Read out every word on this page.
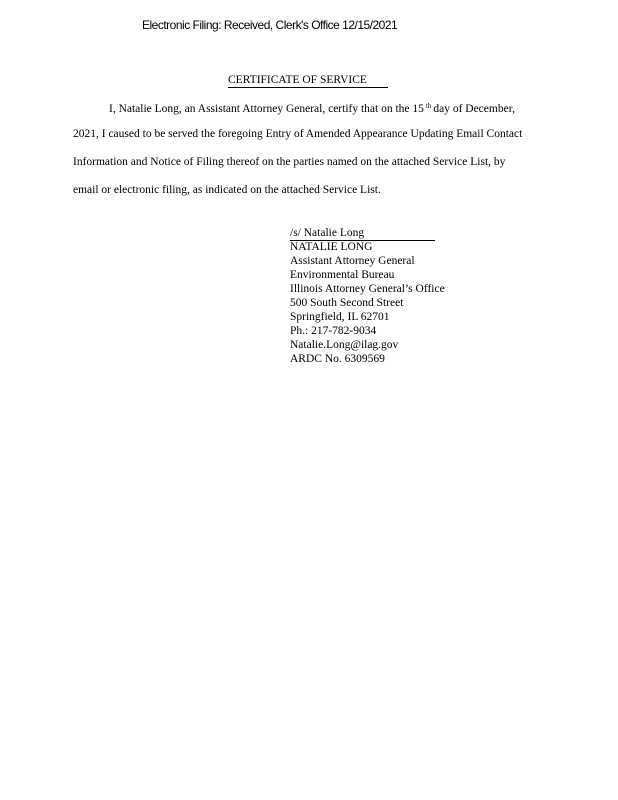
Electronic Filing: Received, Clerk's Office 12/15/2021
CERTIFICATE OF SERVICE
I, Natalie Long, an Assistant Attorney General, certify that on the 15 $^{th}$ day of December,
2021, I caused to be served the foregoing Entry of Amended Appearance Updating Email Contact
Information and Notice of Filing thereof on the parties named on the attached Service List, by
email or electronic filing, as indicated on the attached Service List.
/s/ Natalie Long
NATALIE LONG
Assistant Attorney General
Environmental Bureau
Illinois Attorney General’s Office
500 South Second Street
Springfield, IL 62701
Ph.: 217-782-9034
Natalie.Long@ilag.gov
ARDC No. 6309569
